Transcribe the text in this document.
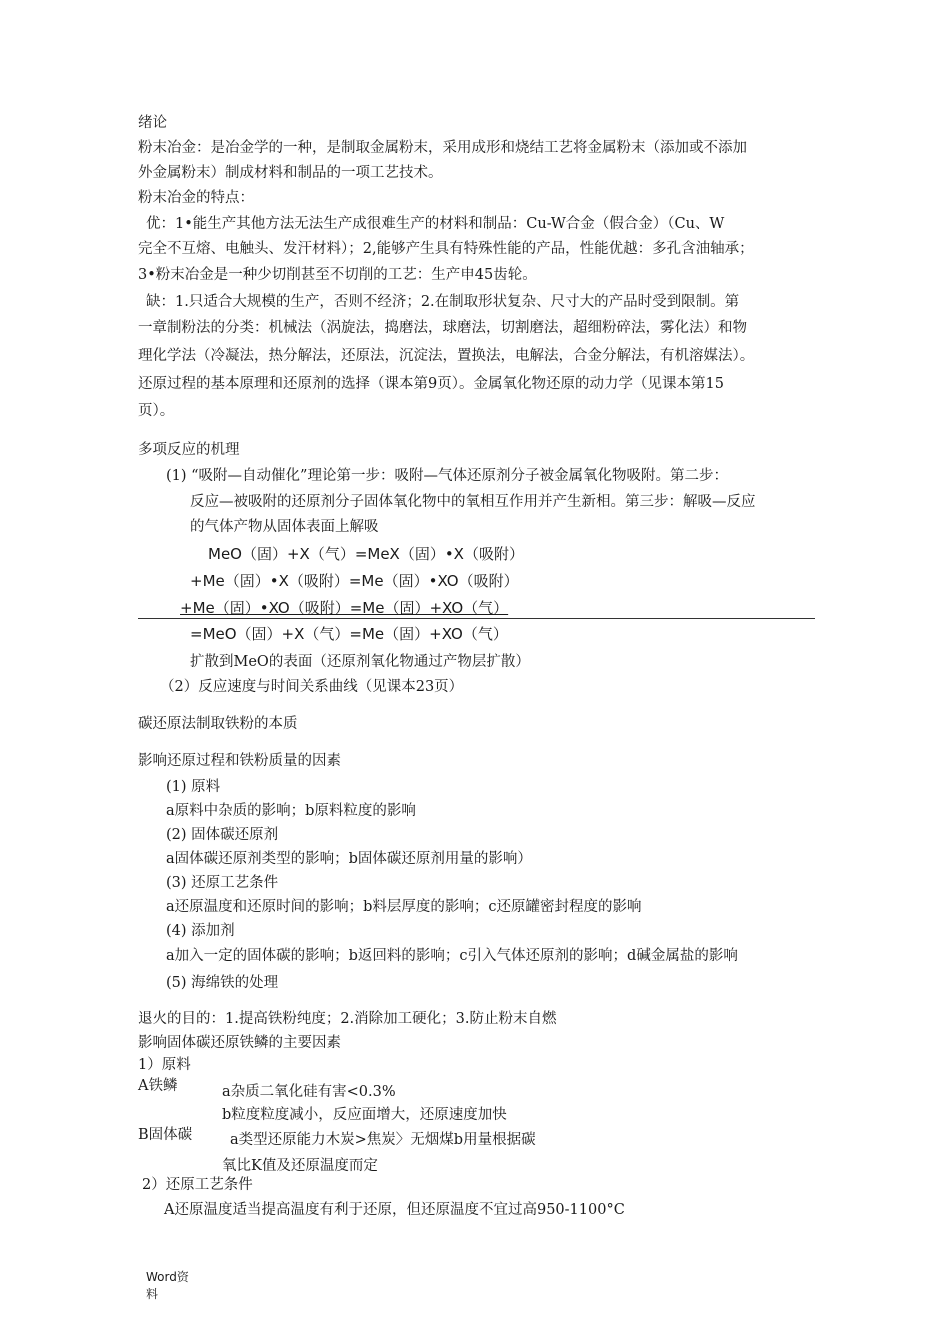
绪论
粉末冶金：是冶金学的一种，是制取金属粉末，采用成形和烧结工艺将金属粉末（添加或不添加
外金属粉末）制成材料和制品的一项工艺技术。
粉末冶金的特点：
优：1•能生产其他方法无法生产成很难生产的材料和制品：Cu-W合金（假合金）（Cu、W
完全不互熔、电触头、发汗材料）；2,能够产生具有特殊性能的产品，性能优越：多孔含油轴承；
3•粉末冶金是一种少切削甚至不切削的工艺：生产申45齿轮。
缺：1.只适合大规模的生产，否则不经济；2.在制取形状复杂、尺寸大的产品时受到限制。第
一章制粉法的分类：机械法（涡旋法，捣磨法，球磨法，切割磨法，超细粉碎法，雾化法）和物
理化学法（冷凝法，热分解法，还原法，沉淀法，置换法，电解法，合金分解法，有机溶媒法）。
还原过程的基本原理和还原剂的选择（课本第9页）。金属氧化物还原的动力学（见课本第15
页）。
多项反应的机理
(1) “吸附—自动催化”理论第一步：吸附—气体还原剂分子被金属氧化物吸附。第二步：
反应—被吸附的还原剂分子固体氧化物中的氧相互作用并产生新相。第三步：解吸—反应
的气体产物从固体表面上解吸
MeO（固）+X（气）=MeX（固）•X（吸附）
+Me（固）•X（吸附）=Me（固）•XO（吸附）
+Me（固）•XO（吸附）=Me（固）+XO（气）
=MeO（固）+X（气）=Me（固）+XO（气）
扩散到MeO的表面（还原剂氧化物通过产物层扩散）
（2）反应速度与时间关系曲线（见课本23页）
碳还原法制取铁粉的本质
影响还原过程和铁粉质量的因素
(1) 原料
a原料中杂质的影响；b原料粒度的影响
(2) 固体碳还原剂
a固体碳还原剂类型的影响；b固体碳还原剂用量的影响）
(3) 还原工艺条件
a还原温度和还原时间的影响；b料层厚度的影响；c还原罐密封程度的影响
(4) 添加剂
a加入一定的固体碳的影响；b返回料的影响；c引入气体还原剂的影响；d碱金属盐的影响
(5) 海绵铁的处理
退火的目的：1.提高铁粉纯度；2.消除加工硬化；3.防止粉末自燃
影响固体碳还原铁鳞的主要因素
1）原料
A铁鳞	a杂质二氧化硅有害<0.3%
b粒度粒度减小，反应面增大，还原速度加快
B固体碳	a类型还原能力木炭>焦炭〉无烟煤b用量根据碳
氧比K值及还原温度而定
2）还原工艺条件
A还原温度适当提高温度有利于还原，但还原温度不宜过高950-1100°C
Word资
料
